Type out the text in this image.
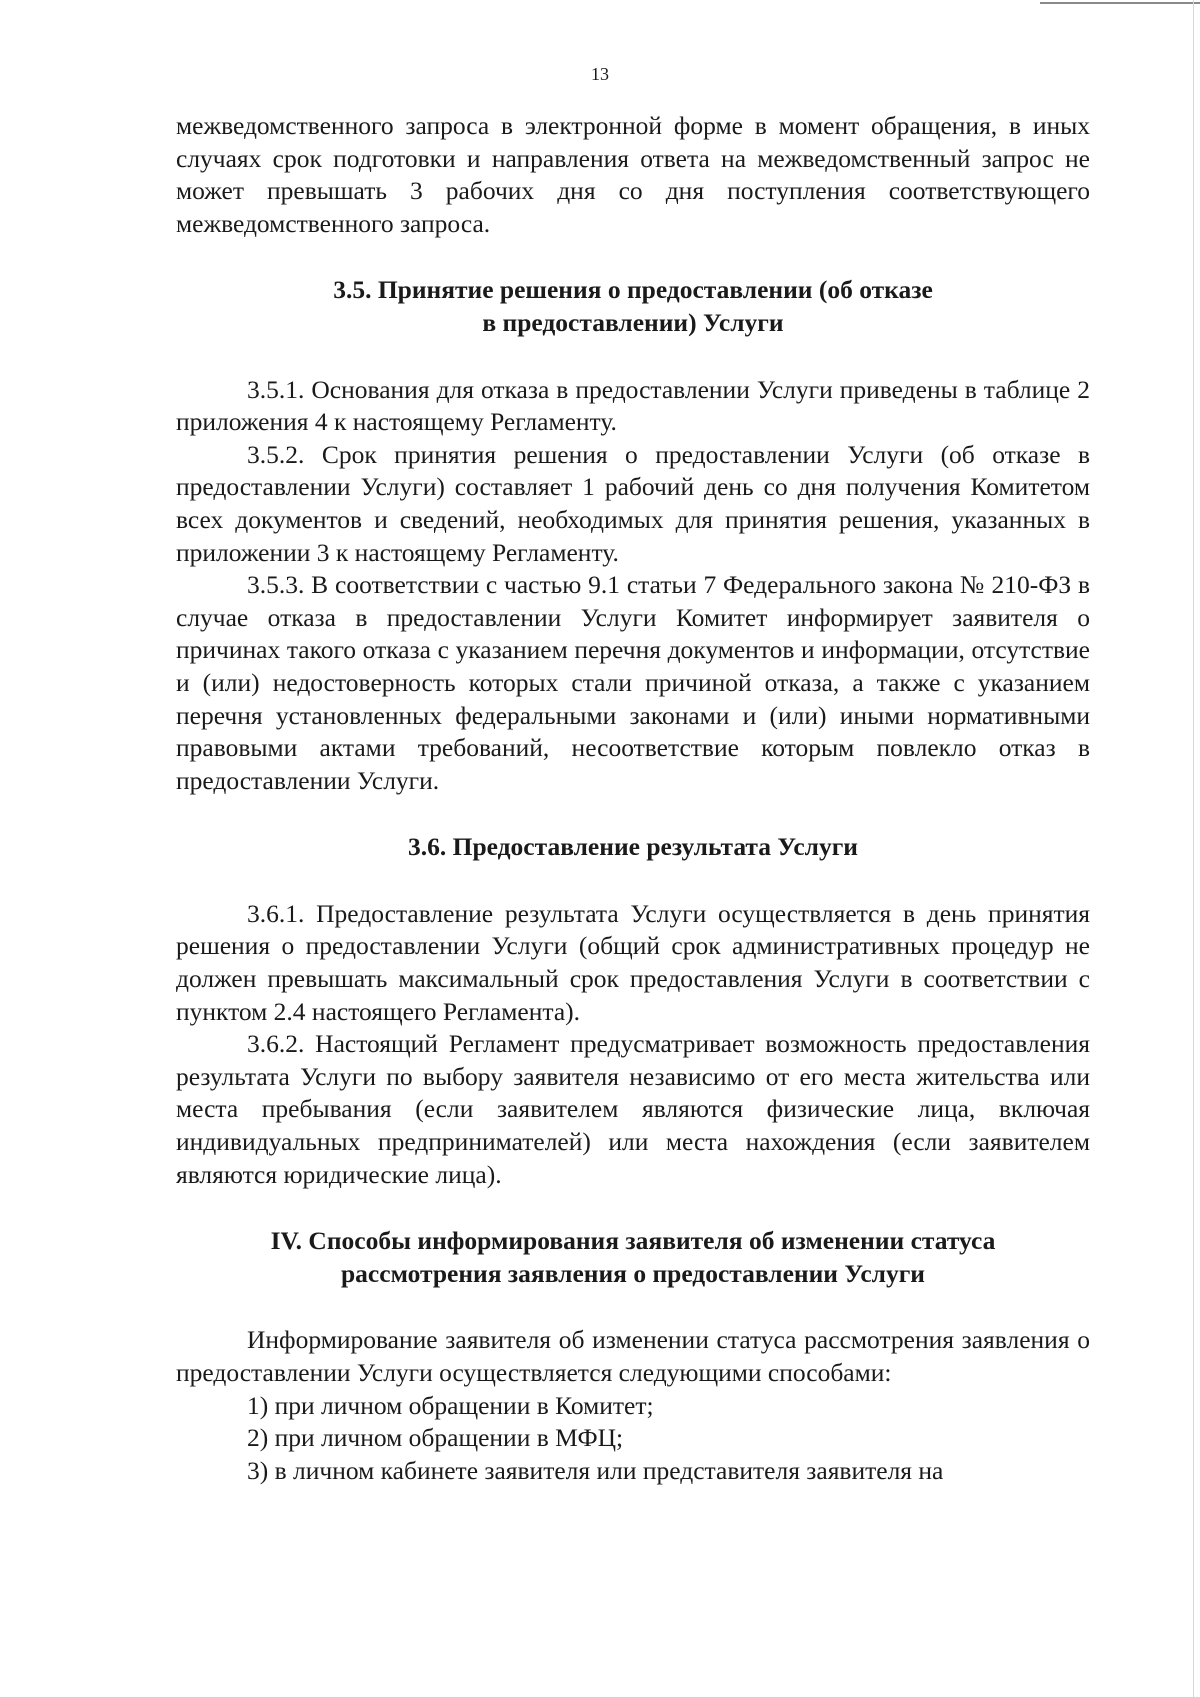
13

межведомственного запроса в электронной форме в момент обращения, в иных случаях срок подготовки и направления ответа на межведомственный запрос не может превышать 3 рабочих дня со дня поступления соответствующего межведомственного запроса.

3.5. Принятие решения о предоставлении (об отказе
в предоставлении) Услуги

3.5.1. Основания для отказа в предоставлении Услуги приведены в таблице 2 приложения 4 к настоящему Регламенту.

3.5.2. Срок принятия решения о предоставлении Услуги (об отказе в предоставлении Услуги) составляет 1 рабочий день со дня получения Комитетом всех документов и сведений, необходимых для принятия решения, указанных в приложении 3 к настоящему Регламенту.

3.5.3. В соответствии с частью 9.1 статьи 7 Федерального закона № 210-ФЗ в случае отказа в предоставлении Услуги Комитет информирует заявителя о причинах такого отказа с указанием перечня документов и информации, отсутствие и (или) недостоверность которых стали причиной отказа, а также с указанием перечня установленных федеральными законами и (или) иными нормативными правовыми актами требований, несоответствие которым повлекло отказ в предоставлении Услуги.

3.6. Предоставление результата Услуги

3.6.1. Предоставление результата Услуги осуществляется в день принятия решения о предоставлении Услуги (общий срок административных процедур не должен превышать максимальный срок предоставления Услуги в соответствии с пунктом 2.4 настоящего Регламента).

3.6.2. Настоящий Регламент предусматривает возможность предоставления результата Услуги по выбору заявителя независимо от его места жительства или места пребывания (если заявителем являются физические лица, включая индивидуальных предпринимателей) или места нахождения (если заявителем являются юридические лица).

IV. Способы информирования заявителя об изменении статуса
рассмотрения заявления о предоставлении Услуги

Информирование заявителя об изменении статуса рассмотрения заявления о предоставлении Услуги осуществляется следующими способами:

1) при личном обращении в Комитет;

2) при личном обращении в МФЦ;

3) в личном кабинете заявителя или представителя заявителя на
